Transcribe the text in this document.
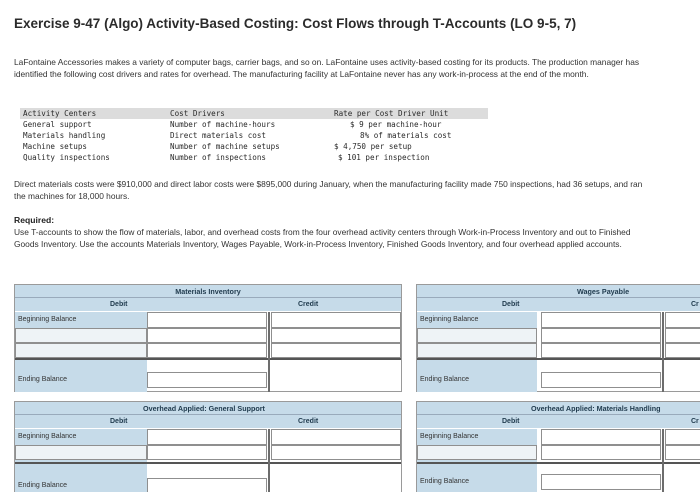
Exercise 9-47 (Algo) Activity-Based Costing: Cost Flows through T-Accounts (LO 9-5, 7)
LaFontaine Accessories makes a variety of computer bags, carrier bags, and so on. LaFontaine uses activity-based costing for its products. The production manager has identified the following cost drivers and rates for overhead. The manufacturing facility at LaFontaine never has any work-in-process at the end of the month.
Activity Centers	Cost Drivers	Rate per Cost Driver Unit
General support	Number of machine-hours	$ 9 per machine-hour
Materials handling	Direct materials cost	8% of materials cost
Machine setups	Number of machine setups	$ 4,750 per setup
Quality inspections	Number of inspections	$ 101 per inspection
Direct materials costs were $910,000 and direct labor costs were $895,000 during January, when the manufacturing facility made 750 inspections, had 36 setups, and ran the machines for 18,000 hours.
Required:
Use T-accounts to show the flow of materials, labor, and overhead costs from the four overhead activity centers through Work-in-Process Inventory and out to Finished Goods Inventory. Use the accounts Materials Inventory, Wages Payable, Work-in-Process Inventory, Finished Goods Inventory, and four overhead applied accounts.
Materials Inventory
Debit	Credit
Beginning Balance
Ending Balance
Wages Payable
Debit	Cr
Beginning Balance
Ending Balance
Overhead Applied: General Support
Debit	Credit
Beginning Balance
Ending Balance
Overhead Applied: Materials Handling
Debit	Cr
Beginning Balance
Ending Balance
